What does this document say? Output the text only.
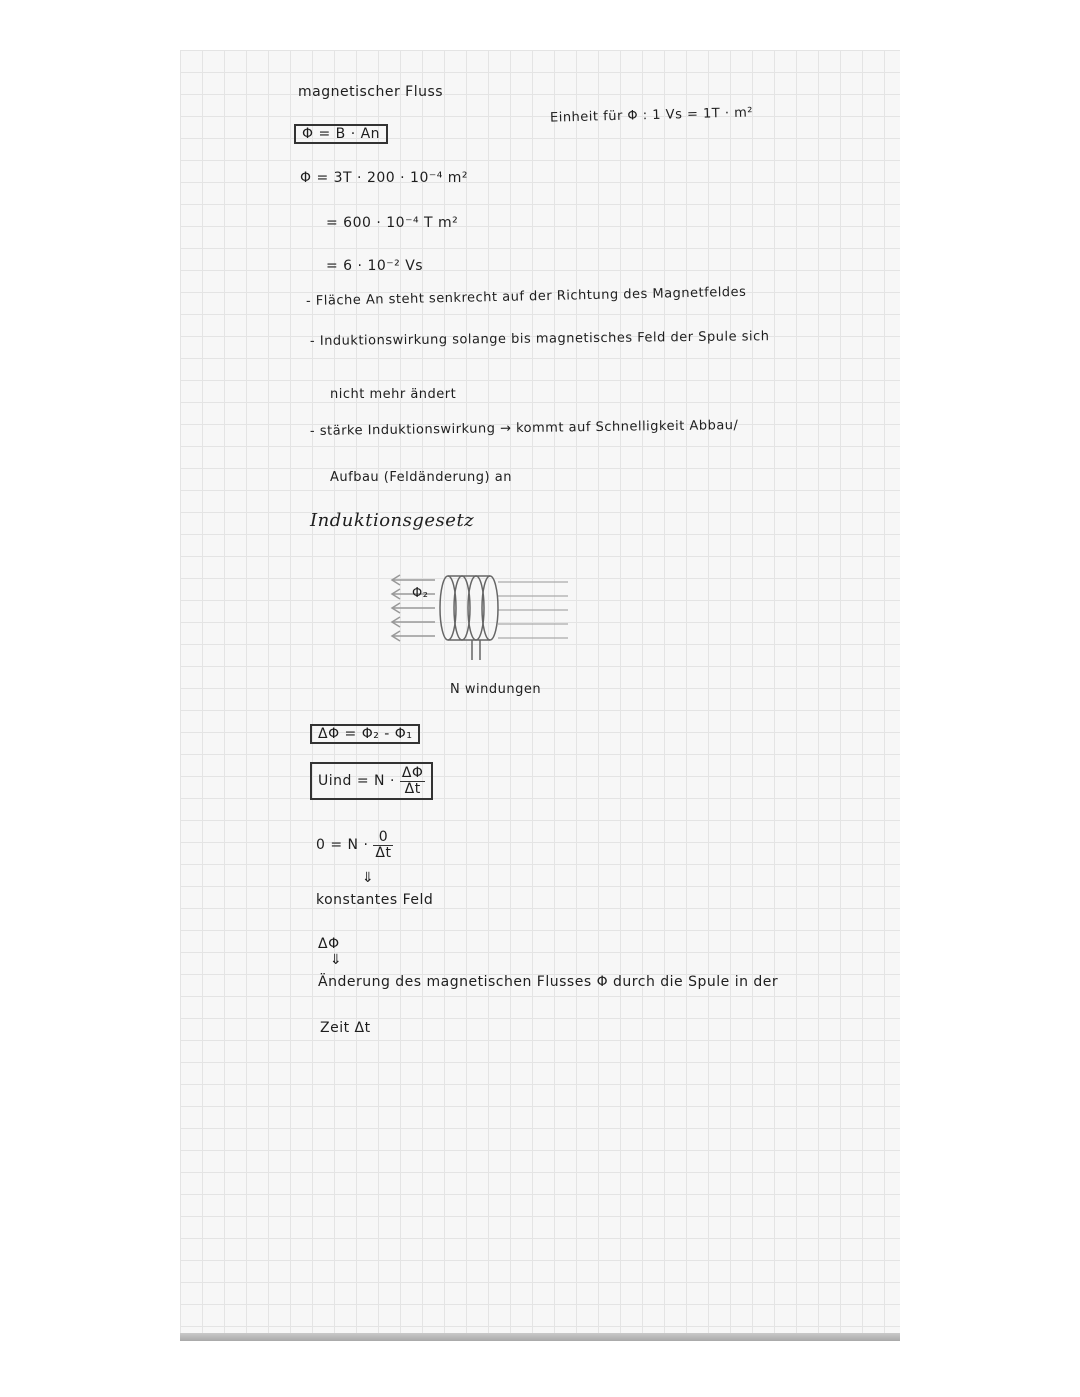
magnetischer Fluss
Φ = B · An
Einheit für Φ : 1 Vs = 1T · m²
Φ = 3T · 200 · 10⁻⁴ m²
= 600 · 10⁻⁴ T m²
= 6 · 10⁻² Vs
- Fläche An steht senkrecht auf der Richtung des Magnetfeldes
- Induktionswirkung solange bis magnetisches Feld der Spule sich
nicht mehr ändert
- stärke Induktionswirkung → kommt auf Schnelligkeit Abbau/
Aufbau (Feldänderung) an
Induktionsgesetz
Φ₂
N windungen
ΔΦ = Φ₂ - Φ₁
Uind = $N \cdot \frac{\Delta\Phi}{\Delta t}$
$0 = N \cdot \frac{0}{\Delta t}$
⇓
konstantes Feld
ΔΦ
⇓
Änderung des magnetischen Flusses Φ durch die Spule in der
Zeit Δt
